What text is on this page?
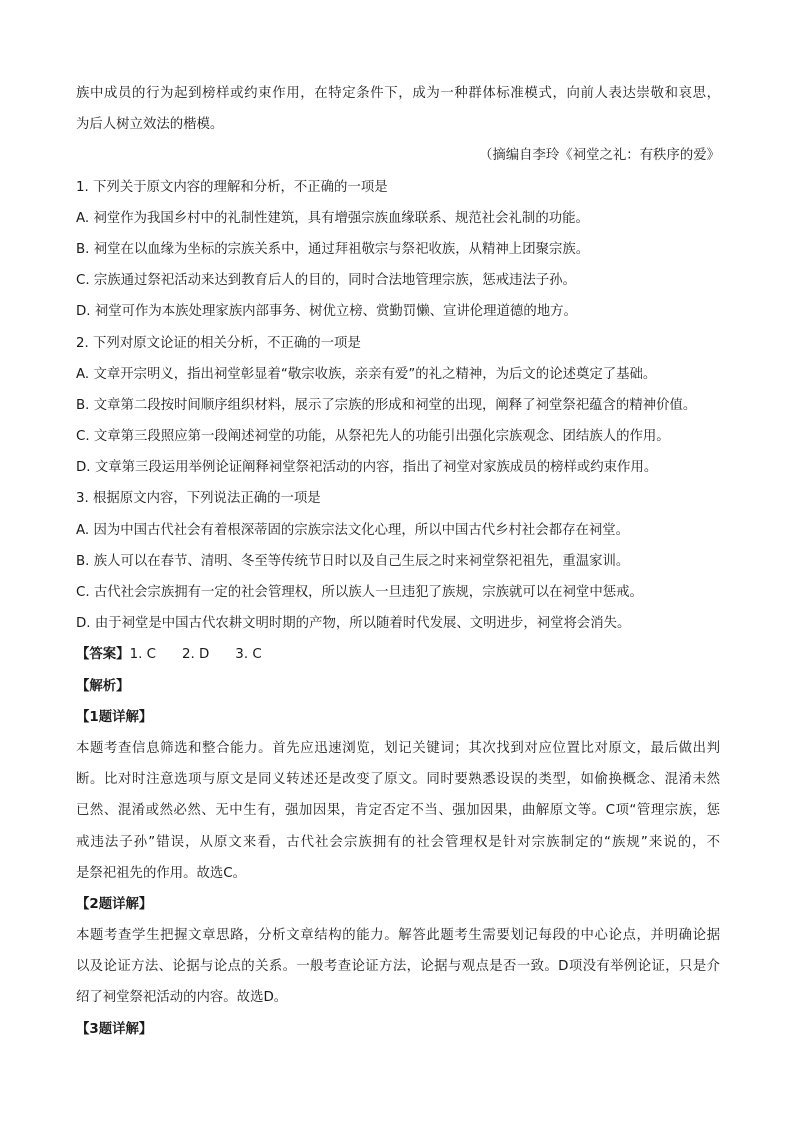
族中成员的行为起到榜样或约束作用，在特定条件下，成为一种群体标准模式，向前人表达崇敬和哀思，
为后人树立效法的楷模。
（摘编自李玲《祠堂之礼：有秩序的爱》
1. 下列关于原文内容的理解和分析，不正确的一项是
A. 祠堂作为我国乡村中的礼制性建筑，具有增强宗族血缘联系、规范社会礼制的功能。
B. 祠堂在以血缘为坐标的宗族关系中，通过拜祖敬宗与祭祀收族，从精神上团聚宗族。
C. 宗族通过祭祀活动来达到教育后人的目的，同时合法地管理宗族，惩戒违法子孙。
D. 祠堂可作为本族处理家族内部事务、树优立榜、赏勤罚懒、宣讲伦理道德的地方。
2. 下列对原文论证的相关分析，不正确的一项是
A. 文章开宗明义，指出祠堂彰显着“敬宗收族，亲亲有爱”的礼之精神，为后文的论述奠定了基础。
B. 文章第二段按时间顺序组织材料，展示了宗族的形成和祠堂的出现，阐释了祠堂祭祀蕴含的精神价值。
C. 文章第三段照应第一段阐述祠堂的功能，从祭祀先人的功能引出强化宗族观念、团结族人的作用。
D. 文章第三段运用举例论证阐释祠堂祭祀活动的内容，指出了祠堂对家族成员的榜样或约束作用。
3. 根据原文内容，下列说法正确的一项是
A. 因为中国古代社会有着根深蒂固的宗族宗法文化心理，所以中国古代乡村社会都存在祠堂。
B. 族人可以在春节、清明、冬至等传统节日时以及自己生辰之时来祠堂祭祀祖先，重温家训。
C. 古代社会宗族拥有一定的社会管理权，所以族人一旦违犯了族规，宗族就可以在祠堂中惩戒。
D. 由于祠堂是中国古代农耕文明时期的产物，所以随着时代发展、文明进步，祠堂将会消失。
【答案】1. C 2. D 3. C
【解析】
【1题详解】
本题考查信息筛选和整合能力。首先应迅速浏览，划记关键词；其次找到对应位置比对原文，最后做出判
断。比对时注意选项与原文是同义转述还是改变了原文。同时要熟悉设误的类型，如偷换概念、混淆未然
已然、混淆或然必然、无中生有，强加因果，肯定否定不当、强加因果，曲解原文等。C项“管理宗族，惩
戒违法子孙”错误，从原文来看，古代社会宗族拥有的社会管理权是针对宗族制定的“族规”来说的，不
是祭祀祖先的作用。故选C。
【2题详解】
本题考查学生把握文章思路，分析文章结构的能力。解答此题考生需要划记每段的中心论点，并明确论据
以及论证方法、论据与论点的关系。一般考查论证方法，论据与观点是否一致。D项没有举例论证，只是介
绍了祠堂祭祀活动的内容。故选D。
【3题详解】
